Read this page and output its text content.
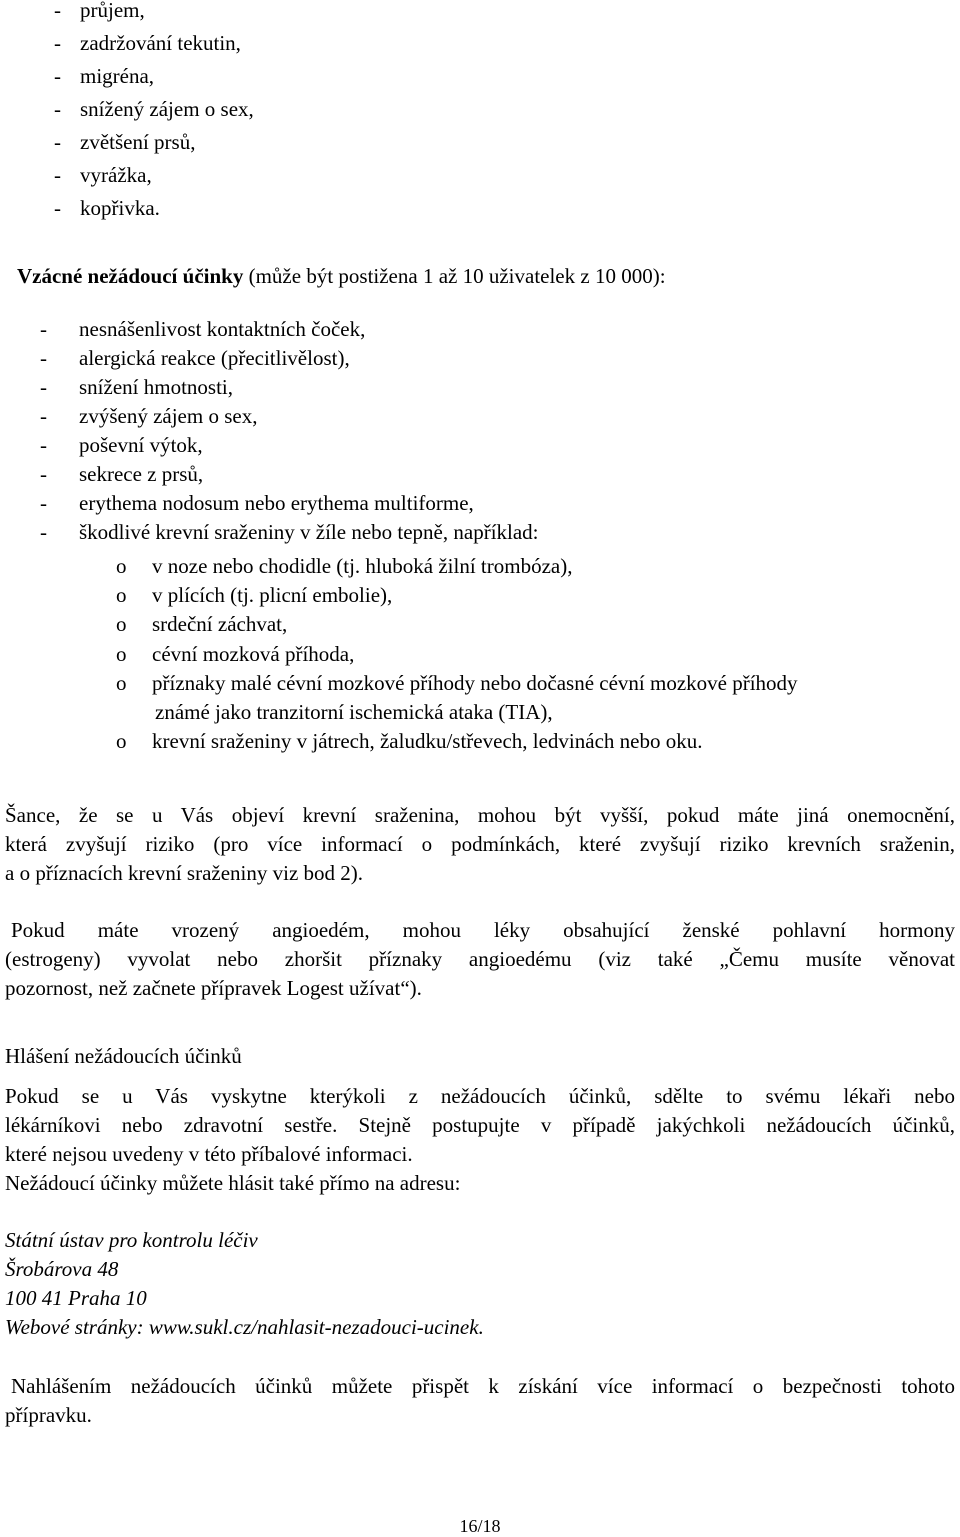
- průjem,
- zadržování tekutin,
- migréna,
- snížený zájem o sex,
- zvětšení prsů,
- vyrážka,
- kopřivka.
Vzácné nežádoucí účinky (může být postižena 1 až 10 uživatelek z 10 000):
- nesnášenlivost kontaktních čoček,
- alergická reakce (přecitlivělost),
- snížení hmotnosti,
- zvýšený zájem o sex,
- poševní výtok,
- sekrece z prsů,
- erythema nodosum nebo erythema multiforme,
- škodlivé krevní sraženiny v žíle nebo tepně, například:
o v noze nebo chodidle (tj. hluboká žilní trombóza),
o v plících (tj. plicní embolie),
o srdeční záchvat,
o cévní mozková příhoda,
o příznaky malé cévní mozkové příhody nebo dočasné cévní mozkové příhody
známé jako tranzitorní ischemická ataka (TIA),
o krevní sraženiny v játrech, žaludku/střevech, ledvinách nebo oku.
Šance, že se u Vás objeví krevní sraženina, mohou být vyšší, pokud máte jiná onemocnění,
která zvyšují riziko (pro více informací o podmínkách, které zvyšují riziko krevních sraženin,
a o příznacích krevní sraženiny viz bod 2).
Pokud máte vrozený angioedém, mohou léky obsahující ženské pohlavní hormony
(estrogeny) vyvolat nebo zhoršit příznaky angioedému (viz také „Čemu musíte věnovat
pozornost, než začnete přípravek Logest užívat“).
Hlášení nežádoucích účinků
Pokud se u Vás vyskytne kterýkoli z nežádoucích účinků, sdělte to svému lékaři nebo
lékárníkovi nebo zdravotní sestře. Stejně postupujte v případě jakýchkoli nežádoucích účinků,
které nejsou uvedeny v této příbalové informaci.
Nežádoucí účinky můžete hlásit také přímo na adresu:
Státní ústav pro kontrolu léčiv
Šrobárova 48
100 41 Praha 10
Webové stránky: www.sukl.cz/nahlasit-nezadouci-ucinek.
Nahlášením nežádoucích účinků můžete přispět k získání více informací o bezpečnosti tohoto
přípravku.
16/18
